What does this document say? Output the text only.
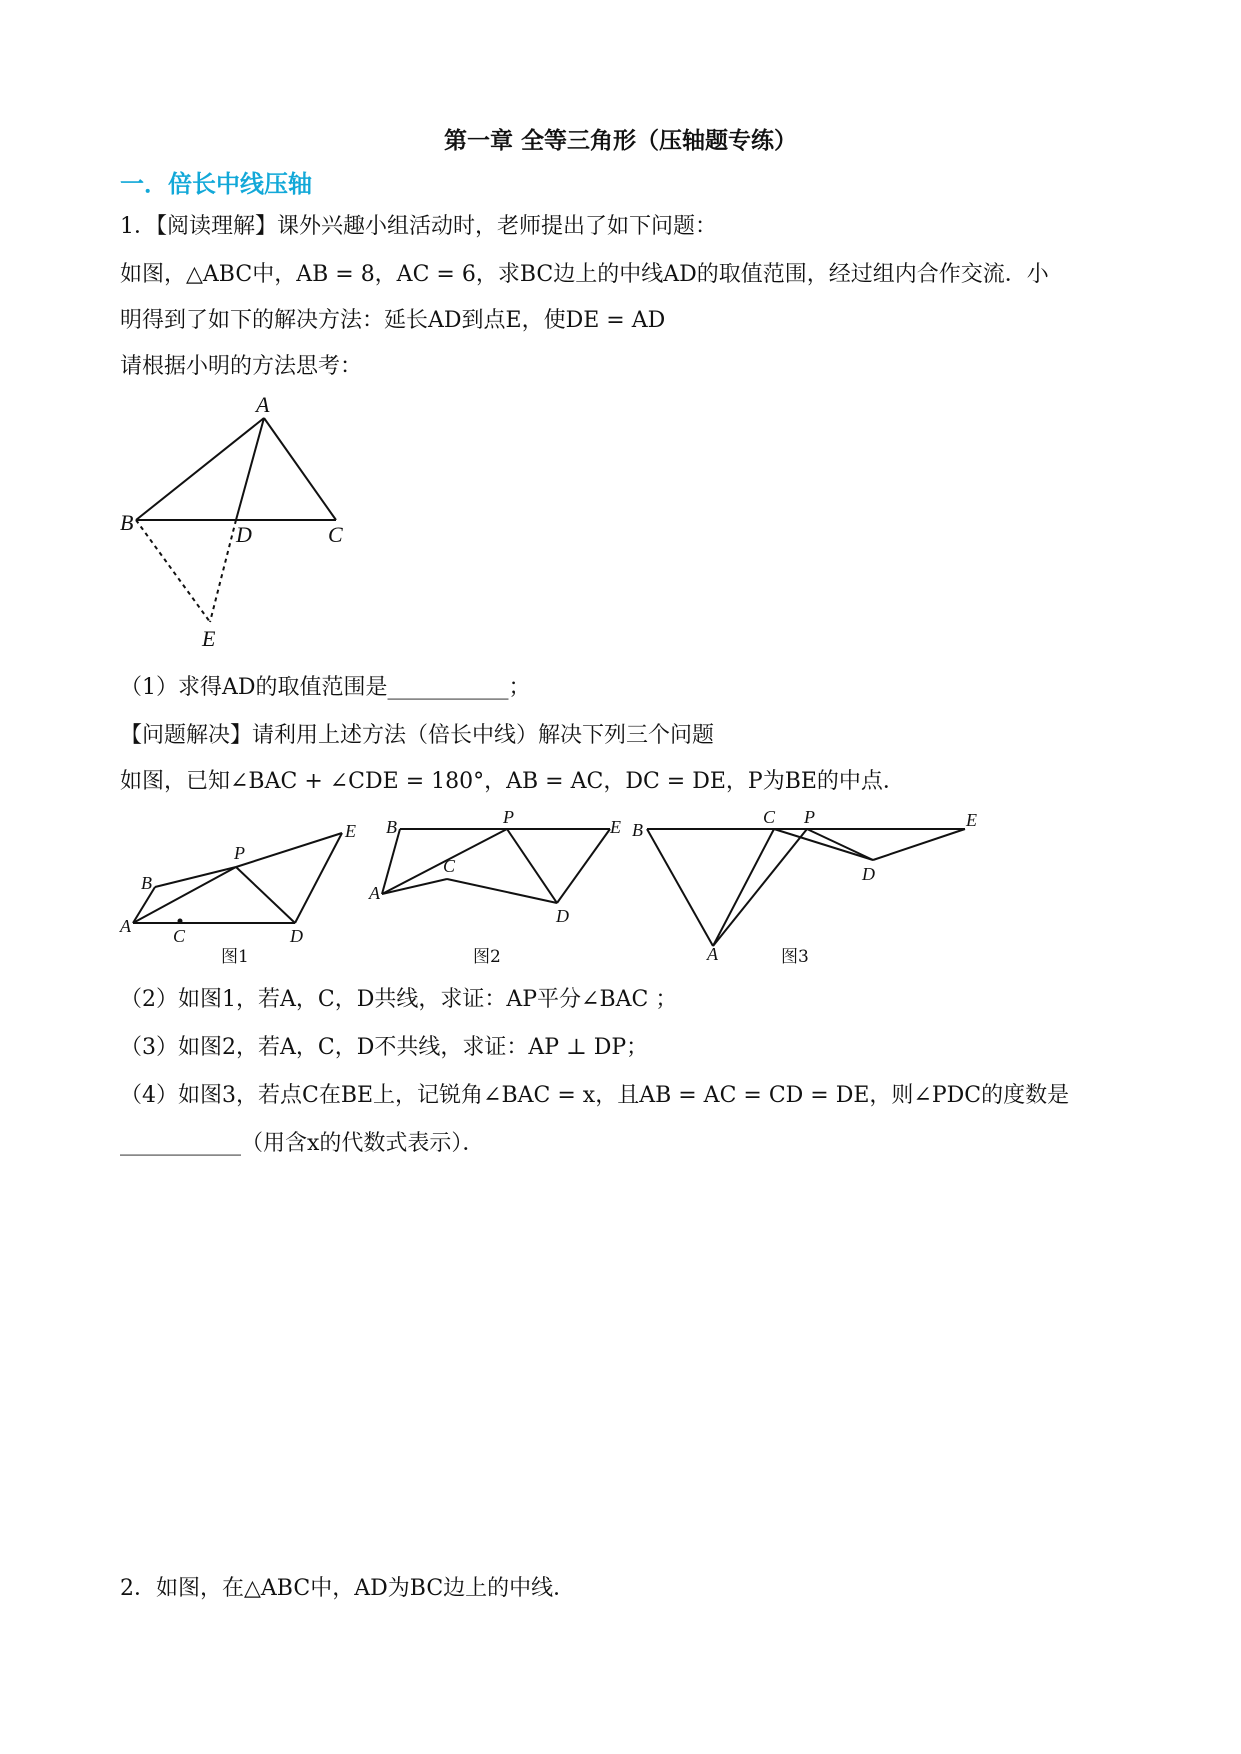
第一章 全等三角形（压轴题专练）
一．倍长中线压轴
1．【阅读理解】课外兴趣小组活动时，老师提出了如下问题：
如图，△ABC中，AB = 8，AC = 6，求BC边上的中线AD的取值范围，经过组内合作交流．小
明得到了如下的解决方法：延长AD到点E，使DE = AD
请根据小明的方法思考：
A
B	C
D
E
A
B
C	D
E
P
图1
B
A
C
D
E
P
图2
B
A
C
D
E
P
图3
（1）求得AD的取值范围是___________；
【问题解决】请利用上述方法（倍长中线）解决下列三个问题
如图，已知∠BAC + ∠CDE = 180°，AB = AC，DC = DE，P为BE的中点．
（2）如图1，若A，C，D共线，求证：AP平分∠BAC ；
（3）如图2，若A，C，D不共线，求证：AP ⊥ DP；
（4）如图3，若点C在BE上，记锐角∠BAC = x，且AB = AC = CD = DE，则∠PDC的度数是
___________（用含x的代数式表示）．
2．如图，在△ABC中，AD为BC边上的中线．
